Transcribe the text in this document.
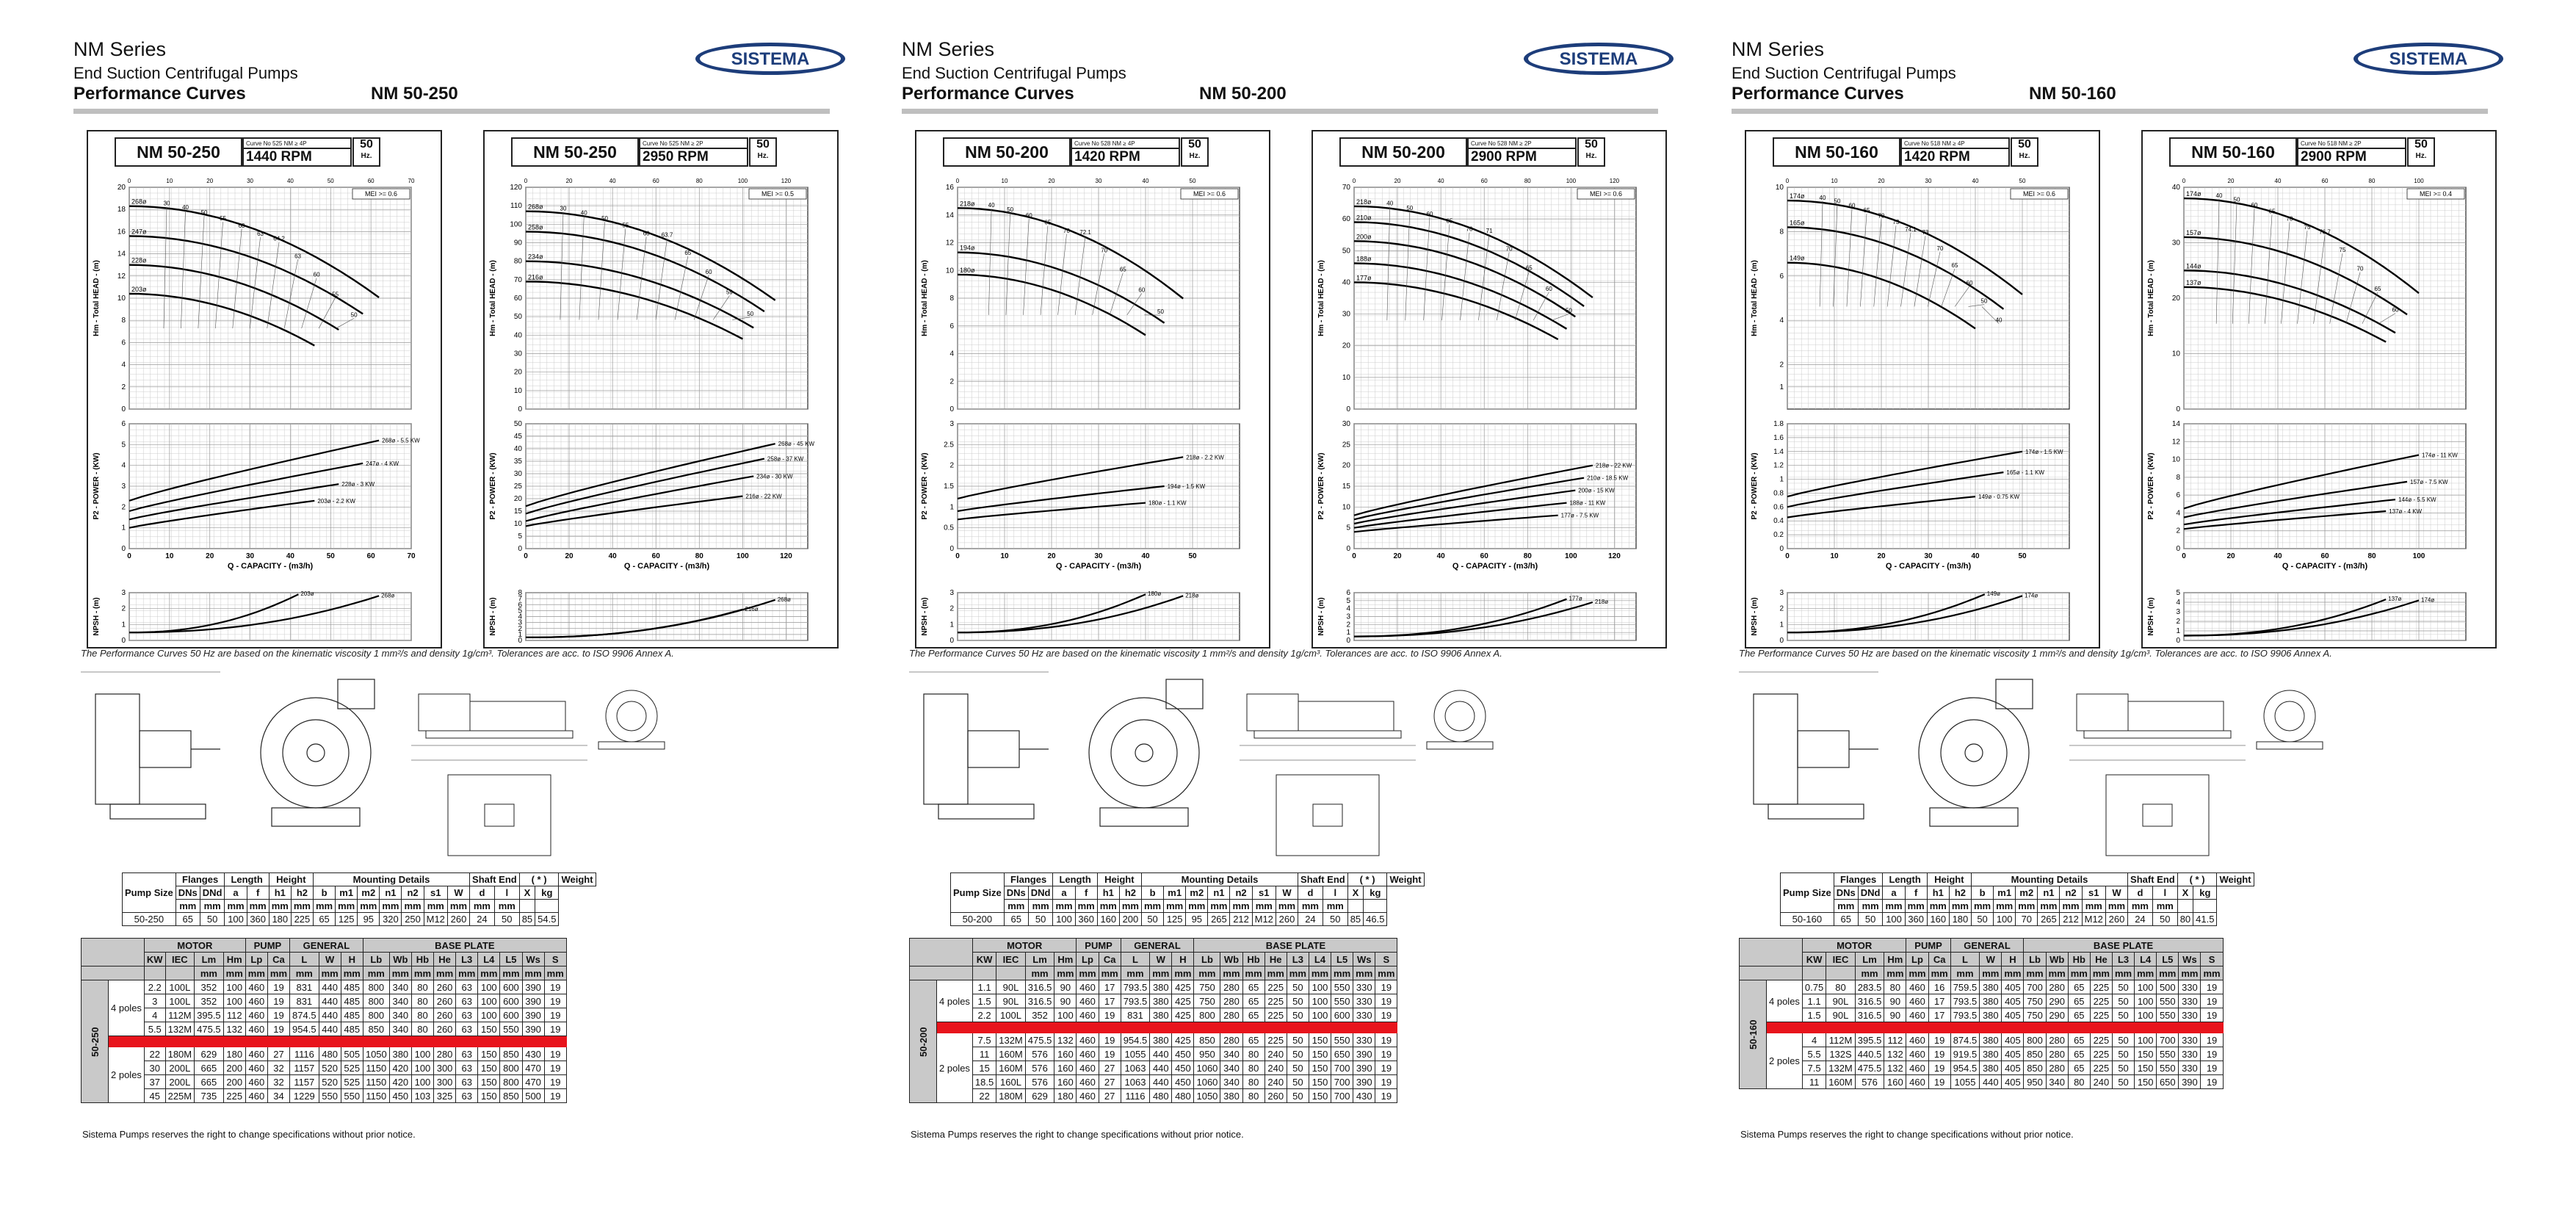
NM Series
End Suction Centrifugal Pumps
Performance Curves	NM 50-250
SISTEMA
NM 50-250	Curve No 525 NM ≥ 4P
1440 RPM
50
Hz.
0
2
4
6
8
10
12
14
16
18
20
0
1
2
3
4
5
6
0
1
2
3
Hm - Total HEAD - (m)
P2 - POWER - (KW)
NPSH - (m)
0
0
10
10
20
20
30
30
40
40
50
50
60
60
70
70
Q - CAPACITY - (m3/h)
MEI >= 0.6
268ø
247ø
228ø
203ø
30
40
50
55
60
63
64.2
63
60
55
50
268ø - 5.5 KW
247ø - 4 KW
228ø - 3 KW
203ø - 2.2 KW
203ø	268ø
NM 50-250	Curve No 525 NM ≥ 2P
2950 RPM
50
Hz.
0
10
20
30
40
50
60
70
80
90
100
110
120
0
5
10
15
20
25
30
35
40
45
50
0
1
2
3
4
5
6
7
8
Hm - Total HEAD - (m)
P2 - POWER - (KW)
NPSH - (m)
0
0
20
20
40
40
60
60
80
80
100
100
120
120
Q - CAPACITY - (m3/h)
MEI >= 0.5
268ø
258ø
234ø
216ø
30
40
50
55
60 63.7
65
60
59
50
268ø - 45 KW
258ø - 37 KW
234ø - 30 KW
216ø - 22 KW
216ø
268ø
The Performance Curves 50 Hz are based on the kinematic viscosity 1 mm²/s and density 1g/cm³. Tolerances are acc. to ISO 9906 Annex A.
Pump Size	Flanges		Length		Height		Mounting Details							Shaft End		( * )		Weight
	DNs	DNd	a	f	h1	h2	b	m1	m2	n1	n2	s1	W	d	l	X	kg	
	mm	mm	mm	mm	mm	mm	mm	mm	mm	mm	mm	mm	mm	mm	mm			
50-250	65	50	100	360	180	225	65	125	95	320	250	M12	260	24	50	85	54.5	
		MOTOR				PUMP		GENERAL			BASE PLATE								
		KW	IEC	Lm	Hm	Lp	Ca	L	W	H	Lb	Wb	Hb	He	L3	L4	L5	Ws	S
				mm	mm	mm	mm	mm	mm	mm	mm	mm	mm	mm	mm	mm	mm	mm	mm
50-250	4 poles	2.2	100L	352	100	460	19	831	440	485	800	340	80	260	63	100	600	390	19
		3	100L	352	100	460	19	831	440	485	800	340	80	260	63	100	600	390	19
		4	112M	395.5	112	460	19	874.5	440	485	800	340	80	260	63	100	600	390	19
		5.5	132M	475.5	132	460	19	954.5	440	485	850	340	80	260	63	150	550	390	19

	2 poles	22	180M	629	180	460	27	1116	480	505	1050	380	100	280	63	150	850	430	19
		30	200L	665	200	460	32	1157	520	525	1150	420	100	300	63	150	800	470	19
		37	200L	665	200	460	32	1157	520	525	1150	420	100	300	63	150	800	470	19
		45	225M	735	225	460	34	1229	550	550	1150	450	103	325	63	150	850	500	19
Sistema Pumps reserves the right to change specifications without prior notice.
NM Series
End Suction Centrifugal Pumps
Performance Curves	NM 50-200
SISTEMA
NM 50-200	Curve No 528 NM ≥ 4P
1420 RPM
50
Hz.
0
2
4
6
8
10
12
14
16
0
0.5
1
1.5
2
2.5
3
0
1
2
3
Hm - Total HEAD - (m)
P2 - POWER - (KW)
NPSH - (m)
0
0
10
10
20
20
30
30
40
40
50
50
Q - CAPACITY - (m3/h)
MEI >= 0.6
218ø
194ø
180ø
40
50
60
65
70 72.1
70
65
60
50
218ø - 2.2 KW
194ø - 1.5 KW
180ø - 1.1 KW
180ø	218ø
NM 50-200	Curve No 528 NM ≥ 2P
2900 RPM
50
Hz.
0
10
20
30
40
50
60
70
0
5
10
15
20
25
30
0
1
2
3
4
5
6
Hm - Total HEAD - (m)
P2 - POWER - (KW)
NPSH - (m)
0
0
20
20
40
40
60
60
80
80
100
100
120
120
Q - CAPACITY - (m3/h)
MEI >= 0.6
218ø
210ø
200ø
188ø
177ø
40
50
60
65
70 71
70
65
60
50
218ø - 22 KW
210ø - 18.5 KW
200ø - 15 KW
188ø - 11 KW
177ø - 7.5 KW
177ø 218ø
The Performance Curves 50 Hz are based on the kinematic viscosity 1 mm²/s and density 1g/cm³. Tolerances are acc. to ISO 9906 Annex A.
Pump Size	Flanges		Length		Height		Mounting Details							Shaft End		( * )		Weight
	DNs	DNd	a	f	h1	h2	b	m1	m2	n1	n2	s1	W	d	l	X	kg	
	mm	mm	mm	mm	mm	mm	mm	mm	mm	mm	mm	mm	mm	mm	mm			
50-200	65	50	100	360	160	200	50	125	95	265	212	M12	260	24	50	85	46.5	
		MOTOR				PUMP		GENERAL			BASE PLATE								
		KW	IEC	Lm	Hm	Lp	Ca	L	W	H	Lb	Wb	Hb	He	L3	L4	L5	Ws	S
				mm	mm	mm	mm	mm	mm	mm	mm	mm	mm	mm	mm	mm	mm	mm	mm
50-200	4 poles	1.1	90L	316.5	90	460	17	793.5	380	425	750	280	65	225	50	100	550	330	19
		1.5	90L	316.5	90	460	17	793.5	380	425	750	280	65	225	50	100	550	330	19
		2.2	100L	352	100	460	19	831	380	425	800	280	65	225	50	100	600	330	19

	2 poles	7.5	132M	475.5	132	460	19	954.5	380	425	850	280	65	225	50	150	550	330	19
		11	160M	576	160	460	19	1055	440	450	950	340	80	240	50	150	650	390	19
		15	160M	576	160	460	27	1063	440	450	1060	340	80	240	50	150	700	390	19
		18.5	160L	576	160	460	27	1063	440	450	1060	340	80	240	50	150	700	390	19
		22	180M	629	180	460	27	1116	480	480	1050	380	80	260	50	150	700	430	19
Sistema Pumps reserves the right to change specifications without prior notice.
NM Series
End Suction Centrifugal Pumps
Performance Curves	NM 50-160
SISTEMA
NM 50-160	Curve No 518 NM ≥ 4P
1420 RPM
50
Hz.
1
2
4
6
8
10
0
0.2
0.4
0.6
0.8
1
1.2
1.4
1.6
1.8
0
1
2
3
Hm - Total HEAD - (m)
P2 - POWER - (KW)
NPSH - (m)
0
0
10
10
20
20
30
30
40
40
50
50
Q - CAPACITY - (m3/h)
MEI >= 0.6
174ø
165ø
149ø
40
50
60
65
70
73
74.1 73
70
65
60
50
40
174ø - 1.5 KW
165ø - 1.1 KW
149ø - 0.75 KW
149ø	174ø
NM 50-160	Curve No 518 NM ≥ 2P
2900 RPM
50
Hz.
0
10
20
30
40
0
2
4
6
8
10
12
14
0
1
2
3
4
5
Hm - Total HEAD - (m)
P2 - POWER - (KW)
NPSH - (m)
0
0
20
20
40
40
60
60
80
80
100
100
Q - CAPACITY - (m3/h)
MEI >= 0.4
174ø
157ø
144ø
137ø
40
50
60
65
70
75
76.7
75
70
65
60
174ø - 11 KW
157ø - 7.5 KW
144ø - 5.5 KW
137ø - 4 KW
137ø	174ø
The Performance Curves 50 Hz are based on the kinematic viscosity 1 mm²/s and density 1g/cm³. Tolerances are acc. to ISO 9906 Annex A.
Pump Size	Flanges		Length		Height		Mounting Details							Shaft End		( * )		Weight
	DNs	DNd	a	f	h1	h2	b	m1	m2	n1	n2	s1	W	d	l	X	kg	
	mm	mm	mm	mm	mm	mm	mm	mm	mm	mm	mm	mm	mm	mm	mm			
50-160	65	50	100	360	160	180	50	100	70	265	212	M12	260	24	50	80	41.5	
		MOTOR				PUMP		GENERAL			BASE PLATE								
		KW	IEC	Lm	Hm	Lp	Ca	L	W	H	Lb	Wb	Hb	He	L3	L4	L5	Ws	S
				mm	mm	mm	mm	mm	mm	mm	mm	mm	mm	mm	mm	mm	mm	mm	mm
50-160	4 poles	0.75	80	283.5	80	460	16	759.5	380	405	700	280	65	225	50	100	500	330	19
		1.1	90L	316.5	90	460	17	793.5	380	405	750	290	65	225	50	100	550	330	19
		1.5	90L	316.5	90	460	17	793.5	380	405	750	290	65	225	50	100	550	330	19

	2 poles	4	112M	395.5	112	460	19	874.5	380	405	800	280	65	225	50	100	700	330	19
		5.5	132S	440.5	132	460	19	919.5	380	405	850	280	65	225	50	150	550	330	19
		7.5	132M	475.5	132	460	19	954.5	380	405	850	280	65	225	50	150	550	330	19
		11	160M	576	160	460	19	1055	440	405	950	340	80	240	50	150	650	390	19
Sistema Pumps reserves the right to change specifications without prior notice.
